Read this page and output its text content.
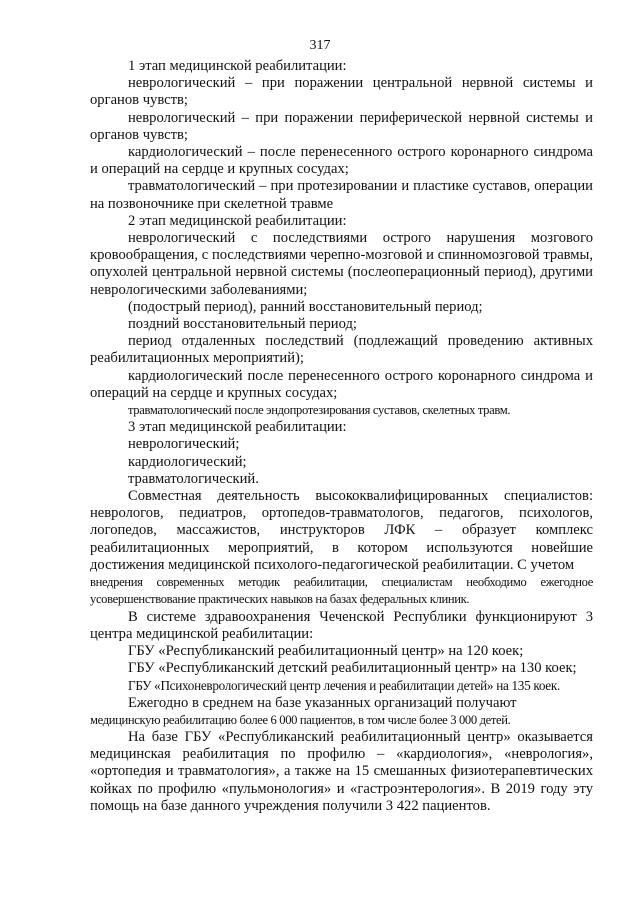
317

1 этап медицинской реабилитации:

неврологический – при поражении центральной нервной системы и органов чувств;

неврологический – при поражении периферической нервной системы и органов чувств;

кардиологический – после перенесенного острого коронарного синдрома и операций на сердце и крупных сосудах;

травматологический – при протезировании и пластике суставов, операции на позвоночнике при скелетной травме

2 этап медицинской реабилитации:

неврологический с последствиями острого нарушения мозгового кровообращения, с последствиями черепно-мозговой и спинномозговой травмы, опухолей центральной нервной системы (послеоперационный период), другими неврологическими заболеваниями;

(подострый период), ранний восстановительный период;

поздний восстановительный период;

период отдаленных последствий (подлежащий проведению активных реабилитационных мероприятий);

кардиологический после перенесенного острого коронарного синдрома и операций на сердце и крупных сосудах;

травматологический после эндопротезирования суставов, скелетных травм.

3 этап медицинской реабилитации:

неврологический;

кардиологический;

травматологический.

Совместная деятельность высококвалифицированных специалистов: неврологов, педиатров, ортопедов-травматологов, педагогов, психологов, логопедов, массажистов, инструкторов ЛФК – образует комплекс реабилитационных мероприятий, в котором используются новейшие достижения медицинской психолого-педагогической реабилитации. С учетом

внедрения современных методик реабилитации, специалистам необходимо ежегодное усовершенствование практических навыков на базах федеральных клиник.

В системе здравоохранения Чеченской Республики функционируют 3 центра медицинской реабилитации:

ГБУ «Республиканский реабилитационный центр» на 120 коек;

ГБУ «Республиканский детский реабилитационный центр» на 130 коек;

ГБУ «Психоневрологический центр лечения и реабилитации детей» на 135 коек.

Ежегодно в среднем на базе указанных организаций получают

медицинскую реабилитацию более 6 000 пациентов, в том числе более 3 000 детей.

На базе ГБУ «Республиканский реабилитационный центр» оказывается медицинская реабилитация по профилю – «кардиология», «неврология», «ортопедия и травматология», а также на 15 смешанных физиотерапевтических койках по профилю «пульмонология» и «гастроэнтерология». В 2019 году эту помощь на базе данного учреждения получили 3 422 пациентов.
